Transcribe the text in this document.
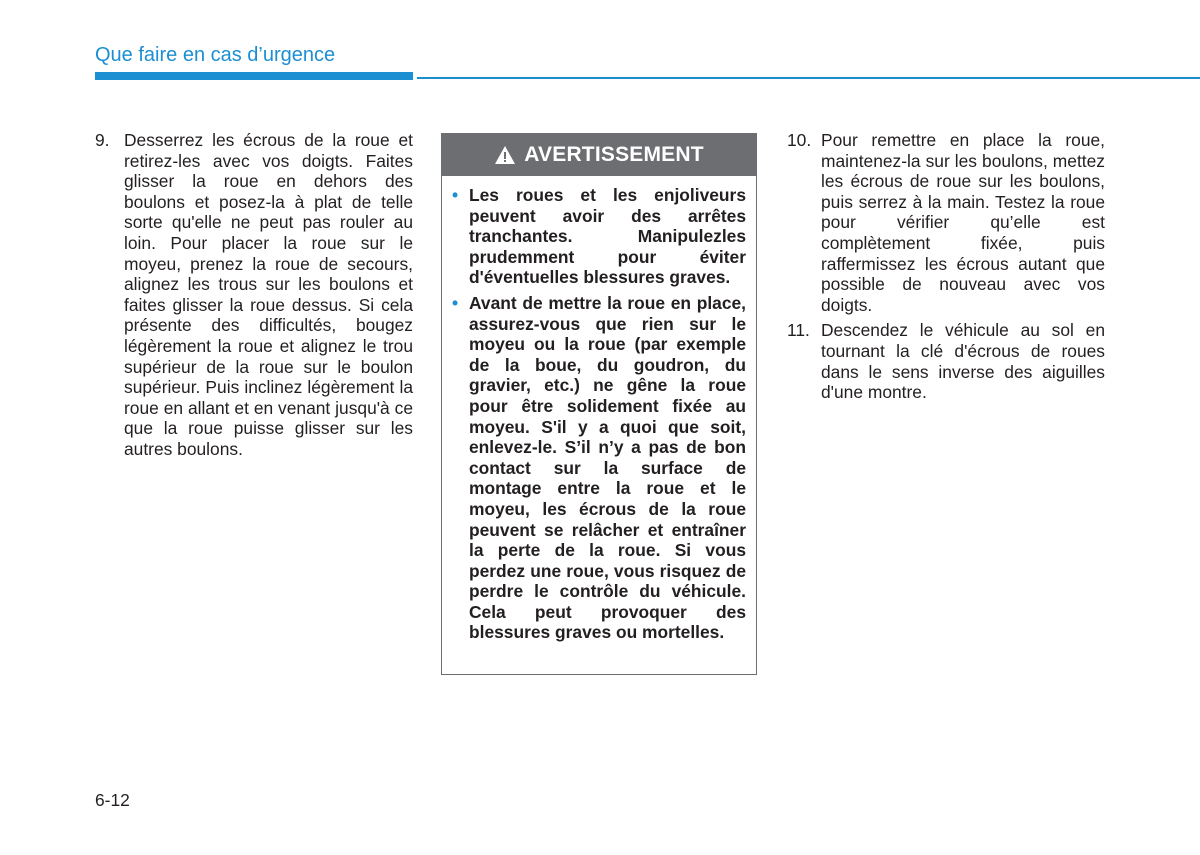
Que faire en cas d’urgence
9. Desserrez les écrous de la roue et retirez-les avec vos doigts. Faites glisser la roue en dehors des boulons et posez-la à plat de telle sorte qu'elle ne peut pas rouler au loin. Pour placer la roue sur le moyeu, prenez la roue de secours, alignez les trous sur les boulons et faites glisser la roue dessus. Si cela présente des difficultés, bougez légèrement la roue et alignez le trou supérieur de la roue sur le boulon supérieur. Puis inclinez légèrement la roue en allant et en venant jusqu'à ce que la roue puisse glisser sur les autres boulons.
AVERTISSEMENT
• Les roues et les enjoliveurs peuvent avoir des arrêtes tranchantes. Manipulezles prudemment pour éviter d'éventuelles blessures graves.
• Avant de mettre la roue en place, assurez-vous que rien sur le moyeu ou la roue (par exemple de la boue, du goudron, du gravier, etc.) ne gêne la roue pour être solidement fixée au moyeu. S'il y a quoi que soit, enlevez-le. S’il n’y a pas de bon contact sur la surface de montage entre la roue et le moyeu, les écrous de la roue peuvent se relâcher et entraîner la perte de la roue. Si vous perdez une roue, vous risquez de perdre le contrôle du véhicule. Cela peut provoquer des blessures graves ou mortelles.
10. Pour remettre en place la roue, maintenez-la sur les boulons, mettez les écrous de roue sur les boulons, puis serrez à la main. Testez la roue pour vérifier qu’elle est complètement fixée, puis raffermissez les écrous autant que possible de nouveau avec vos doigts.
11. Descendez le véhicule au sol en tournant la clé d'écrous de roues dans le sens inverse des aiguilles d'une montre.
6-12
